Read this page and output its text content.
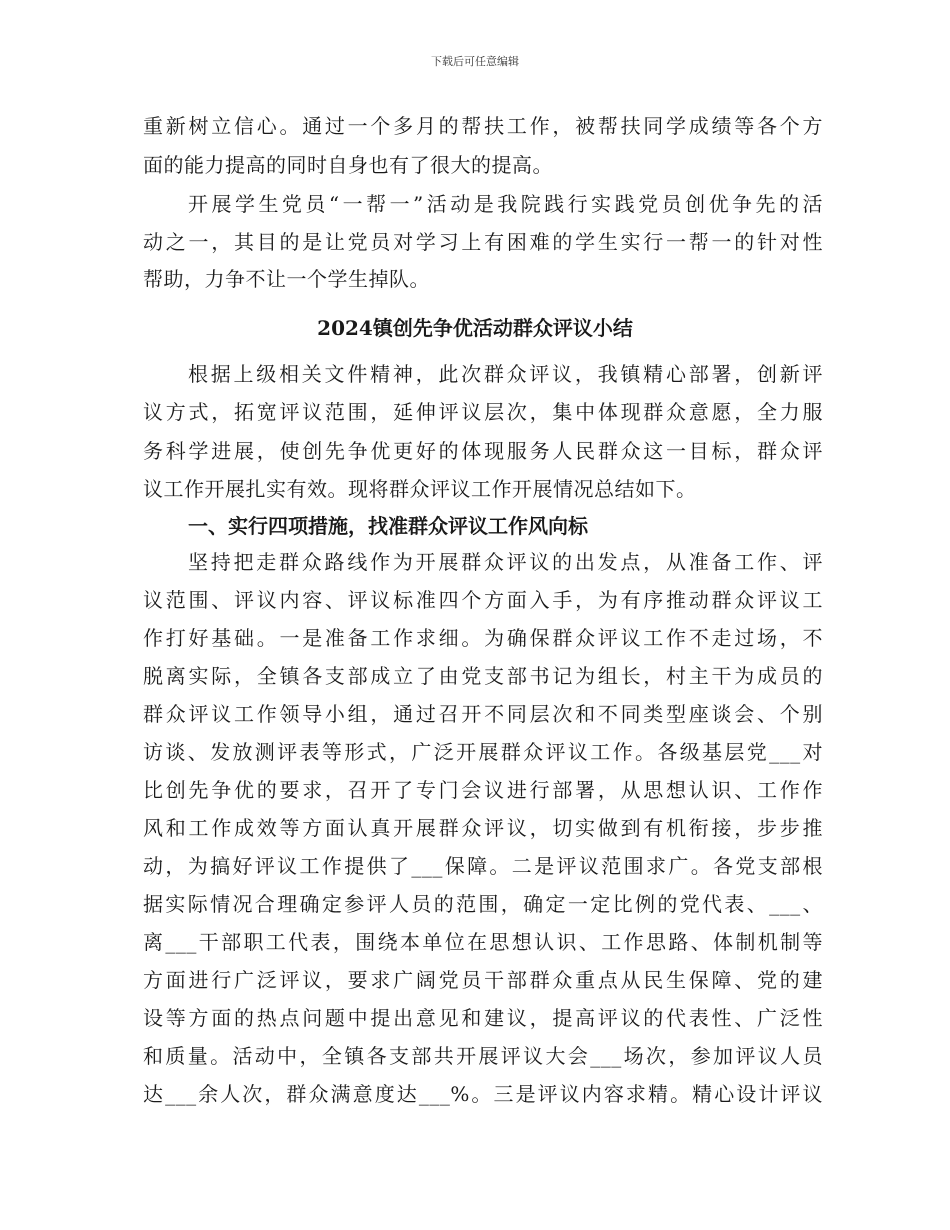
下载后可任意编辑
重新树立信心。通过一个多月的帮扶工作，被帮扶同学成绩等各个方
面的能力提高的同时自身也有了很大的提高。
开展学生党员“一帮一”活动是我院践行实践党员创优争先的活
动之一，其目的是让党员对学习上有困难的学生实行一帮一的针对性
帮助，力争不让一个学生掉队。
2024镇创先争优活动群众评议小结
根据上级相关文件精神，此次群众评议，我镇精心部署，创新评
议方式，拓宽评议范围，延伸评议层次，集中体现群众意愿，全力服
务科学进展，使创先争优更好的体现服务人民群众这一目标，群众评
议工作开展扎实有效。现将群众评议工作开展情况总结如下。
一、实行四项措施，找准群众评议工作风向标
坚持把走群众路线作为开展群众评议的出发点，从准备工作、评
议范围、评议内容、评议标准四个方面入手，为有序推动群众评议工
作打好基础。一是准备工作求细。为确保群众评议工作不走过场，不
脱离实际，全镇各支部成立了由党支部书记为组长，村主干为成员的
群众评议工作领导小组，通过召开不同层次和不同类型座谈会、个别
访谈、发放测评表等形式，广泛开展群众评议工作。各级基层党___对
比创先争优的要求，召开了专门会议进行部署，从思想认识、工作作
风和工作成效等方面认真开展群众评议，切实做到有机衔接，步步推
动，为搞好评议工作提供了___保障。二是评议范围求广。各党支部根
据实际情况合理确定参评人员的范围，确定一定比例的党代表、___、
离___干部职工代表，围绕本单位在思想认识、工作思路、体制机制等
方面进行广泛评议，要求广阔党员干部群众重点从民生保障、党的建
设等方面的热点问题中提出意见和建议，提高评议的代表性、广泛性
和质量。活动中，全镇各支部共开展评议大会___场次，参加评议人员
达___余人次，群众满意度达___%。三是评议内容求精。精心设计评议
